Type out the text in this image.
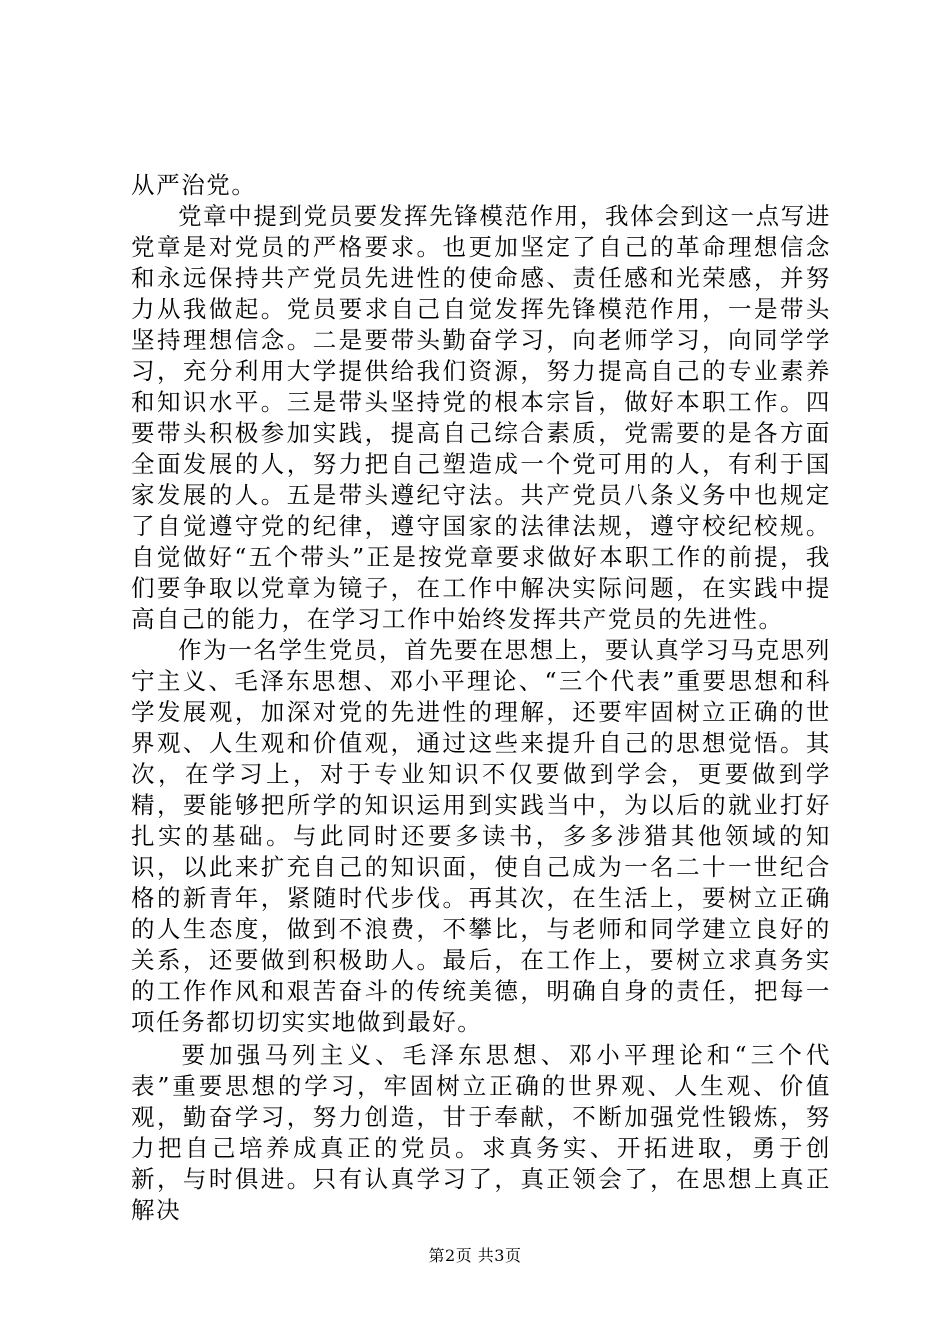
从严治党。

党章中提到党员要发挥先锋模范作用，我体会到这一点写进党章是对党员的严格要求。也更加坚定了自己的革命理想信念和永远保持共产党员先进性的使命感、责任感和光荣感，并努力从我做起。党员要求自己自觉发挥先锋模范作用，一是带头坚持理想信念。二是要带头勤奋学习，向老师学习，向同学学习，充分利用大学提供给我们资源，努力提高自己的专业素养和知识水平。三是带头坚持党的根本宗旨，做好本职工作。四要带头积极参加实践，提高自己综合素质，党需要的是各方面全面发展的人，努力把自己塑造成一个党可用的人，有利于国家发展的人。五是带头遵纪守法。共产党员八条义务中也规定了自觉遵守党的纪律，遵守国家的法律法规，遵守校纪校规。自觉做好“五个带头”正是按党章要求做好本职工作的前提，我们要争取以党章为镜子，在工作中解决实际问题，在实践中提高自己的能力，在学习工作中始终发挥共产党员的先进性。

作为一名学生党员，首先要在思想上，要认真学习马克思列宁主义、毛泽东思想、邓小平理论、“三个代表”重要思想和科学发展观，加深对党的先进性的理解，还要牢固树立正确的世界观、人生观和价值观，通过这些来提升自己的思想觉悟。其次，在学习上，对于专业知识不仅要做到学会，更要做到学精，要能够把所学的知识运用到实践当中，为以后的就业打好扎实的基础。与此同时还要多读书，多多涉猎其他领域的知识，以此来扩充自己的知识面，使自己成为一名二十一世纪合格的新青年，紧随时代步伐。再其次，在生活上，要树立正确的人生态度，做到不浪费，不攀比，与老师和同学建立良好的关系，还要做到积极助人。最后，在工作上，要树立求真务实的工作作风和艰苦奋斗的传统美德，明确自身的责任，把每一项任务都切切实实地做到最好。

要加强马列主义、毛泽东思想、邓小平理论和“三个代表”重要思想的学习，牢固树立正确的世界观、人生观、价值观，勤奋学习，努力创造，甘于奉献，不断加强党性锻炼，努力把自己培养成真正的党员。求真务实、开拓进取，勇于创新，与时俱进。只有认真学习了，真正领会了，在思想上真正解决

第2页 共3页
